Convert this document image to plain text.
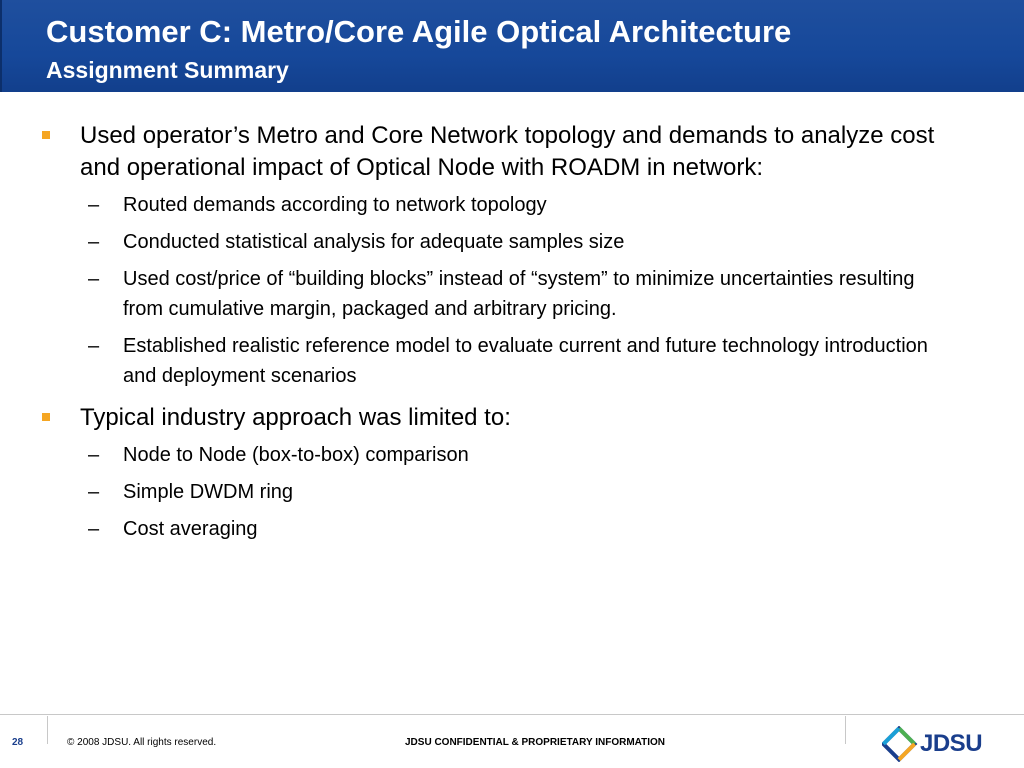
Customer C: Metro/Core Agile Optical Architecture
Assignment Summary
Used operator’s Metro and Core Network topology and demands to analyze cost and operational impact of Optical Node with ROADM in network:
– Routed demands according to network topology
– Conducted statistical analysis for adequate samples size
– Used cost/price of “building blocks” instead of “system” to minimize uncertainties resulting from cumulative margin, packaged and arbitrary pricing.
– Established realistic reference model to evaluate current and future technology introduction and deployment scenarios
Typical industry approach was limited to:
– Node to Node (box-to-box) comparison
– Simple DWDM ring
– Cost averaging
28	© 2008 JDSU. All rights reserved.	JDSU CONFIDENTIAL & PROPRIETARY INFORMATION	JDSU
